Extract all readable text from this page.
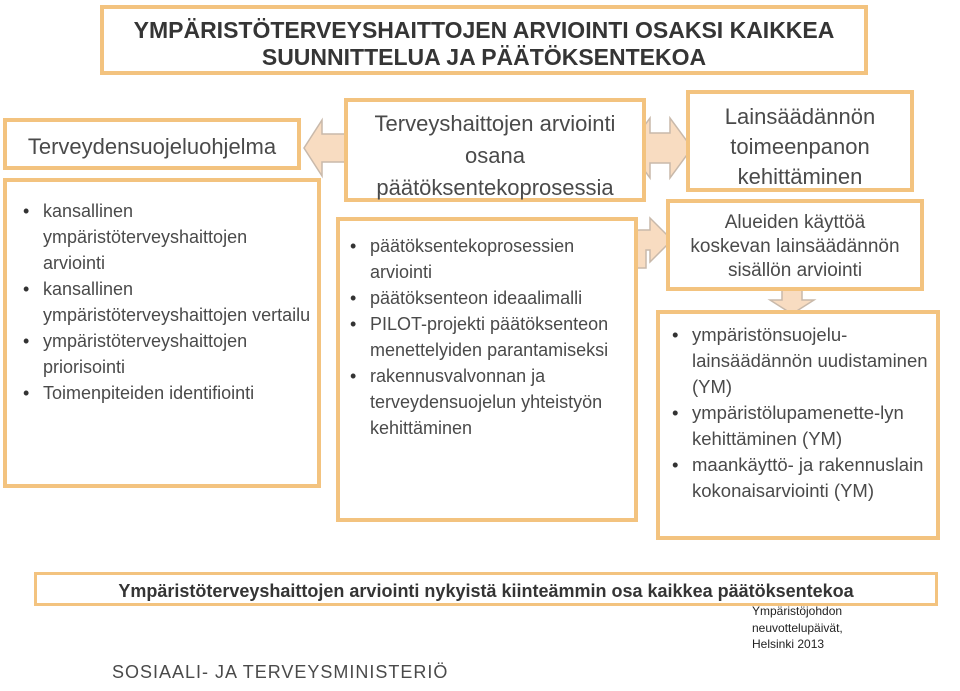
YMPÄRISTÖTERVEYSHAITTOJEN ARVIOINTI OSAKSI KAIKKEA
SUUNNITTELUA JA PÄÄTÖKSENTEKOA
Terveydensuojeluohjelma
• kansallinen ympäristöterveyshaittojen arviointi
• kansallinen ympäristöterveyshaittojen vertailu
• ympäristöterveyshaittojen priorisointi
• Toimenpiteiden identifiointi
Terveyshaittojen arviointi
osana
päätöksentekoprosessia
• päätöksentekoprosessien arviointi
• päätöksenteon ideaalimalli
• PILOT-projekti päätöksenteon menettelyiden parantamiseksi
• rakennusvalvonnan ja terveydensuojelun yhteistyön kehittäminen
Lainsäädännön
toimeenpanon
kehittäminen
Alueiden käyttöä
koskevan lainsäädännön
sisällön arviointi
• ympäristönsuojelu-lainsäädännön uudistaminen (YM)
• ympäristölupamenette-lyn kehittäminen (YM)
• maankäyttö- ja rakennuslain kokonaisarviointi (YM)
Ympäristöterveyshaittojen arviointi nykyistä kiinteämmin osa kaikkea päätöksentekoa
SOSIAALI- JA TERVEYSMINISTERIÖ
Ympäristöjohdon neuvottelupäivät, Helsinki 2013
